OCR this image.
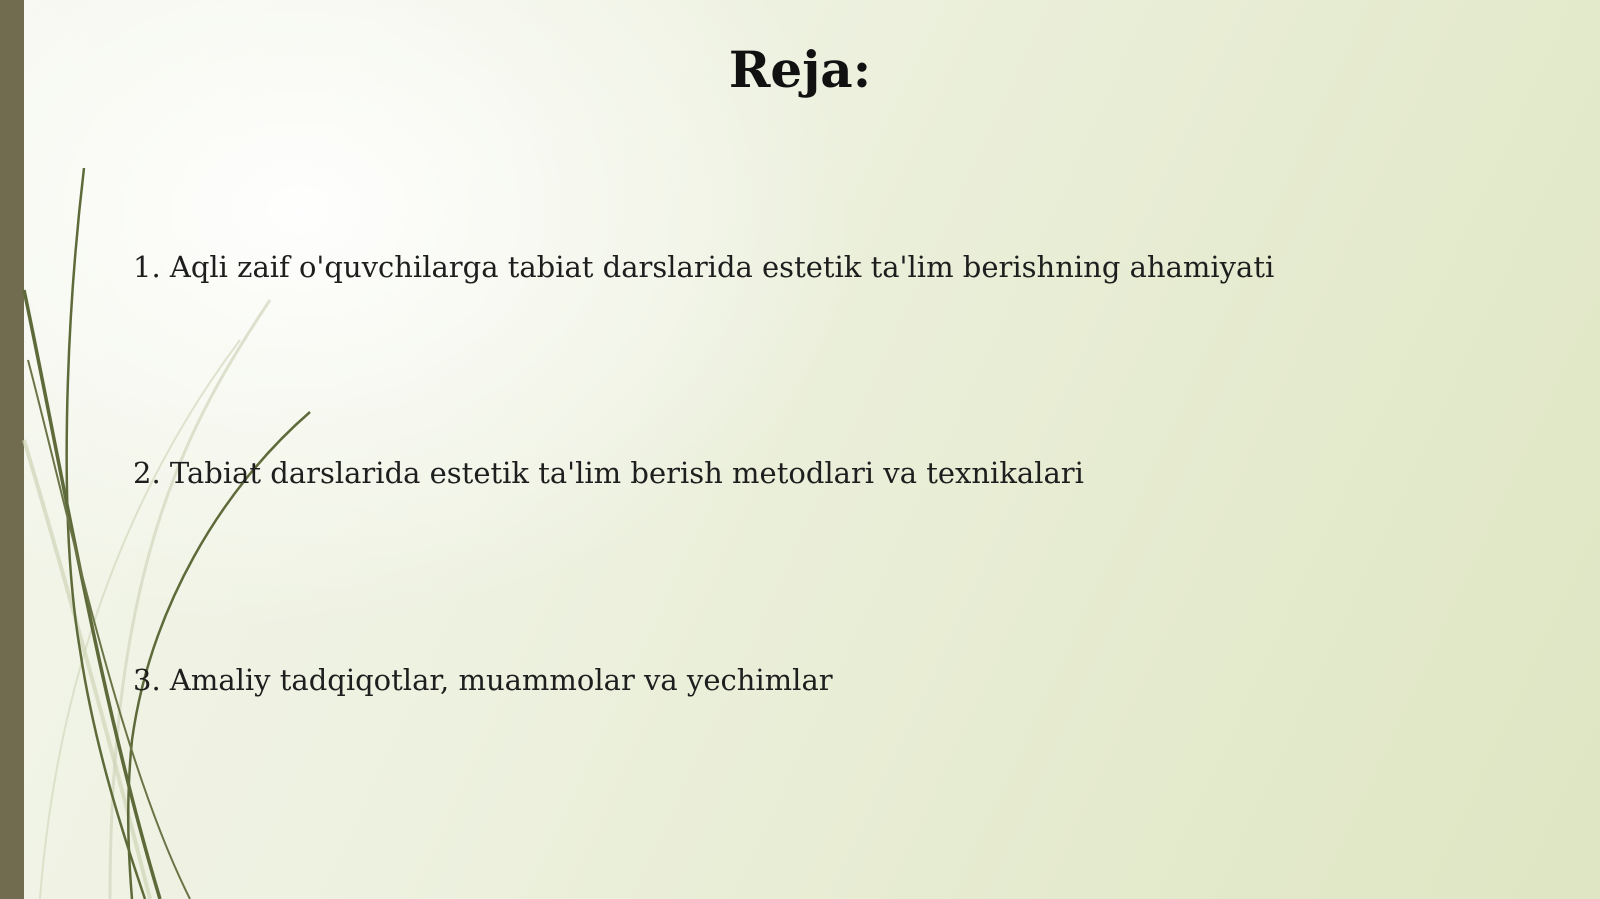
Reja:
1. Aqli zaif o'quvchilarga tabiat darslarida estetik ta'lim berishning ahamiyati
2. Tabiat darslarida estetik ta'lim berish metodlari va texnikalari
3. Amaliy tadqiqotlar, muammolar va yechimlar
